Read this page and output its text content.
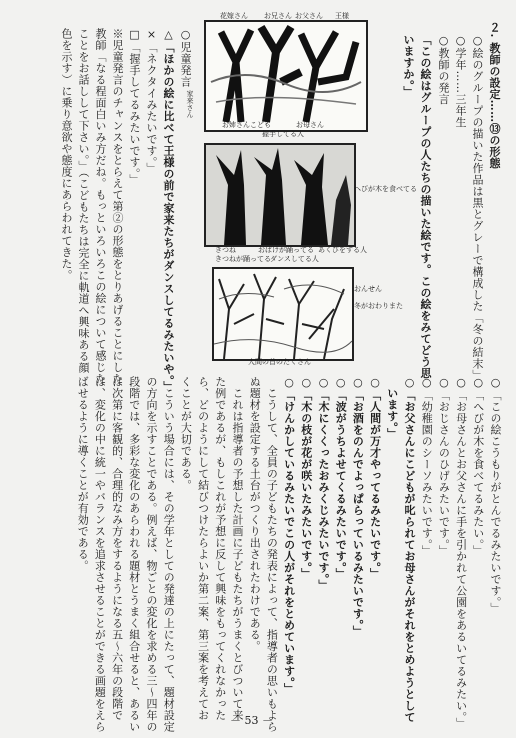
２. 教師の設定……⑬の形態
○絵のグループの描いた作品は黒とグレーで構成した「冬の結末」
○学年……三年生
○教師の発言
「この絵はグループの人たちの描いた絵です。この絵をみてどう思
いますか。」
花嫁さん お兄さん お父さん 王様
こども	お母さん
お姉さん
握手してる人
家来さん
へびが木を食べてる
きつね
きつねが踊ってる
おばけが踊ってる あくびをする人
ダンスしてる人
おんせん
冬がおわりまた
人間の首のたくさん
○児童発言
△「ほかの絵に比べて王様の前で家来たちがダンスしてるみたいや。」
×「ネクタイみたいです。」
□「握手してるみたいです。」
※児童発言のチャンスをとらえて第②の形態をとりあげることにした
教師「なる程面白いみ方だね。もっといろいろこの絵について感じた
ことをお話しして下さい。」（こどもたちは完全に軌道へ興味ある顔
色を示す）に乗り意欲や態度にあらわれてきた。
○「この絵こうもりがとんでるみたいです。」
○「へびが木を食べてるみたい。」
○「お母さんとお父さんに手を引かれて公園をあるいてるみたい。」
○「おじさんのひげみたいです。」
○「幼稚園のシーソみたいです。」
○「お父さんにこどもが叱られてお母さんがそれをとめようとして
　います。」
○「人間が万才やってるみたいです。」
○「お酒をのんでよっぱらっているみたいです。」
○「波がうちよせてくるみたいです。」
○「木にくくったおみくじみたいです。」
○「木の枝が花が咲いたみたいです。」
○「けんかしているみたいでこの人がそれをとめています。」
　こうして、全員の子どもたちの発表によって、指導者の思いもよら
ぬ題材を設定する土台がつくり出されたわけである。
　これは指導者の予想した計画に子どもたちがうまくとびついて来
た例であるが、もしこれが予想に反して興味をもってくれなかった
ら、どのようにして結びつけたらよいか第二案、第三案を考えてお
くことが大切である。
　こういう場合には、その学年としての発達の上にたって、題材設定
の方向を示すことである。例えば、物ごとの変化を求める三〜四年の
段階では、多彩な変化のあらわれる題材とうまく組合せると、あるい
は次第に客観的、合理的なみ方をするようになる五〜六年の段階で
は、変化の中に統一やバランスを追求させることができる画題をえら
ばせるように導くことが有効である。
－ 53 －
